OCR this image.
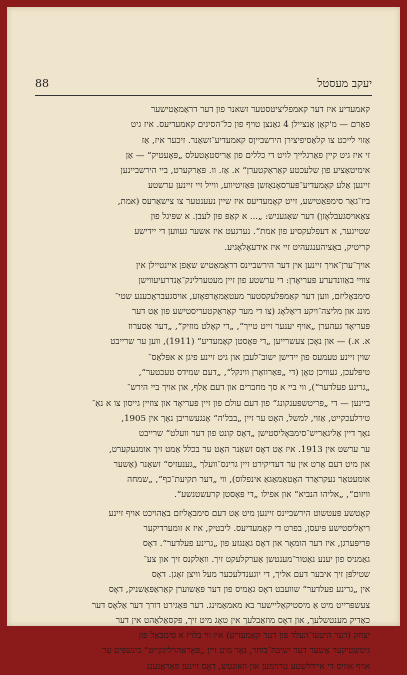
88	יעקב מעסטל
קאמעדיע איז דער קאמפליציטסטער זשאנר פון דער דראַמאַטישער
פאַרם — מ'קאָן אַנציילן 4 גאַנצן טויף פון כל־הסינים קאמעדיעס. איז גיט
אַזוי לייכט צו קלאַסיפיצירן הירשבייןס קאמעדיע־זשאַנר. זיכער איז, אַז
זי איז גיט קיין פאַרגלייך לויט די כללים פון אַריסטאָטעלס „פּאָעטיק“ — אַן
אימיטאַציע פון שלעכטע קאַראַקטערן“ א. אַז. וו. פּאַרקערט, ביי הירשביינען
זיינען אַלע קאָמעדיע־פּערסאָנאַזשן פּאַזיטיווע, ווייל זיי זיינען ערשטע
ביז־גאַר סימפּאַטישע, זייט קאָמעדיעס איז שיין נעענטער צו צישאַרעס (אמת,
צאַאויסגעבלאָזן) דער שאַגעניש: „... א קאַפּ פון לעבן. א שפּיגל פון
שטייגער, א דעפלעקסיע פון אמת“. נערגעט איז אשער געווען די יידישע
קריטיק, באַציהענגעהיט זיי איז אידעאָלאָגיע.
אויך־ערן־אויך זיינען אין דער הירשביינס דראַמאַטיש שאַפן איינטיילן אין
צוויי באַזונדערע פּעריאָדן: די ערשטע פון זיין מעטערלינק־אַנדרעיעווישן
סימבּאָליזם, ווען דער קאַמפּלעקסטער מעטאַמאָרפאָזע, אויסגעבראָכענע שטי־
מונג און מליצה־ויקע דיאַלאָג (צו די מער קאַראַקטעריסטישע פון אַט דער
פּעריאָד געהערן „אויף יענער זייט טייך“, „די קאַלט מוזיק“, „דער אַסערוז
א. א.) — און נאָכן צעשרייען „די פּאָסטן קאַמעדיע“ (1911), ווען ער שרייבט
שוין זיינע טעמעס פון יידישן ישוב־לעבן און גיט זיינע פיגן א אפּלאַס־
טיפּלעכן, געוויכן טאָן (די „פּאַרוואָרן ווינקל“, „דעם שמידס טעכטער“,
„גרינע פעלדער“), ווי ביי א סך מחברים און דעם אַלף, און אויך ביי הירש־
ביינען — די „פּריטשפּענקונג“ פון דעם עולם פון זיין פּעריאָד און צוזיין גייסון צו א נאַ־
טירלעכקייט, אַזוי, למשל, האָט ער זיין „בבל'ה“ אָנגעשריבן נאָך אין 1905,
נאָך דיין אַליגאַריש־סימבּאָליסטישן „דאָס קונט פון דער וועלט“ שרייבט
ער ערשט אין 1913. איז אַט דאָס זשאַנר האָט ער בכלל אַמט זיך אומגעקערט,
און מיט דעם אַרט אין ער דעדיקירט זיין גרינס־וועלך „גענעזיס“ זשאַנר (אַשער
אומעטאַר נעקראַרד האָטאַמאַגאַ אינפלוס), ווי „דער תקיעת־כף“, „שמחה
וויזום“, „אליהו הנביא“ און אפילו „די פּאָסטן קרעשטנשע“.
קאָטשע פּעטשוט הירשביינס זיינען מיט אַט דעם סימבאָליזם באַהויכט אויף זיינע
ריאַליסטישע פּיעסן, בפרט די קאַמעדיעס. ליבטיק, איז א זומערדיקער
פּריפּערגן, איז דער הומאָר און דאָס גאַנגזע פון „גרינע פעלדער“. דאָס
גאַמניס פון יענע נאַטור־מענטשן אַערקלעקט זיך. וואַלקנס זיך און צע־
שטילפּן זיך איבער דעם אליך, די יוגענדלעכער מעל וויצן זאָגן. דאָס
אין „גרינע פעלדער“ שוועבט דאָס גאַמיס פון דער פּאַשוערן קאַראַפּאַשניק, דאָס
צעשפּרייט מיט אַ מיסטיקאַליישער בא מאמאַמינג. דער פּאַגירט דורך דער אַלאָס דער
כאַדיק מענטשלעך, און דאָס מוזאַבלעך אין טאָג מיט זיך, פּקסאַלאַהט אין דער
יצחק (דער היטעו־העלד פון דער קאַמעדיע) איז ווי בלויז א סימבּאַל פון
גיטשטיקער אַשער דער ישיבה־בוחר, נאָר מיט זיין „פּאַראַהויליגקייט“ בינשפּיט ער
אויף אוויס די איידלשטע טרוימען און וואונטש, דאָס זיינען פּאַראַגענג
